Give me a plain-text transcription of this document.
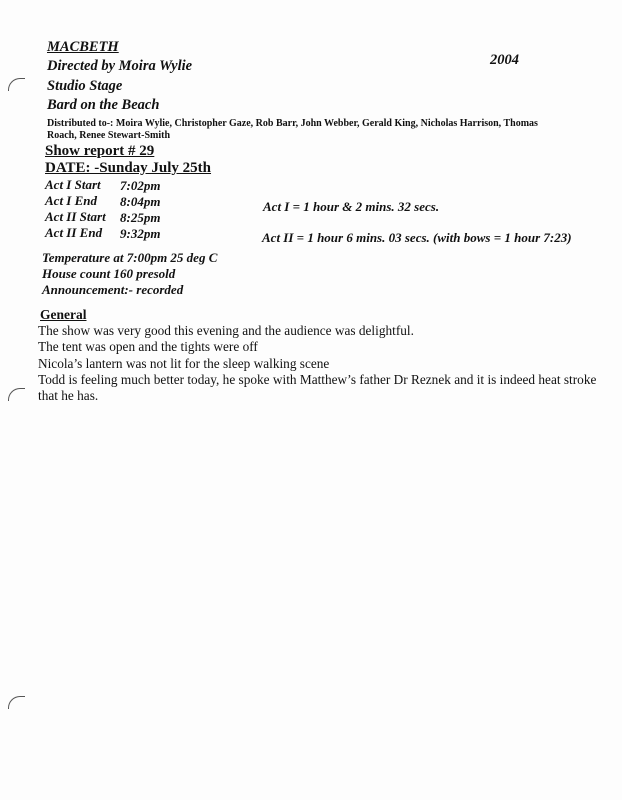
MACBETH
Directed by Moira Wylie
Studio Stage
Bard on the Beach
2004
Distributed to-: Moira Wylie, Christopher Gaze, Rob Barr, John Webber, Gerald King, Nicholas Harrison, Thomas
Roach, Renee Stewart-Smith
Show report # 29
DATE: -Sunday July 25th
Act I Start 7:02pm
Act I End 8:04pm
Act II Start 8:25pm
Act II End 9:32pm
Act I = 1 hour & 2 mins. 32 secs.
Act II = 1 hour 6 mins. 03 secs. (with bows = 1 hour 7:23)
Temperature at 7:00pm 25 deg C
House count 160 presold
Announcement:- recorded
General
The show was very good this evening and the audience was delightful.
The tent was open and the tights were off
Nicola’s lantern was not lit for the sleep walking scene
Todd is feeling much better today, he spoke with Matthew’s father Dr Reznek and it is indeed heat stroke
that he has.
